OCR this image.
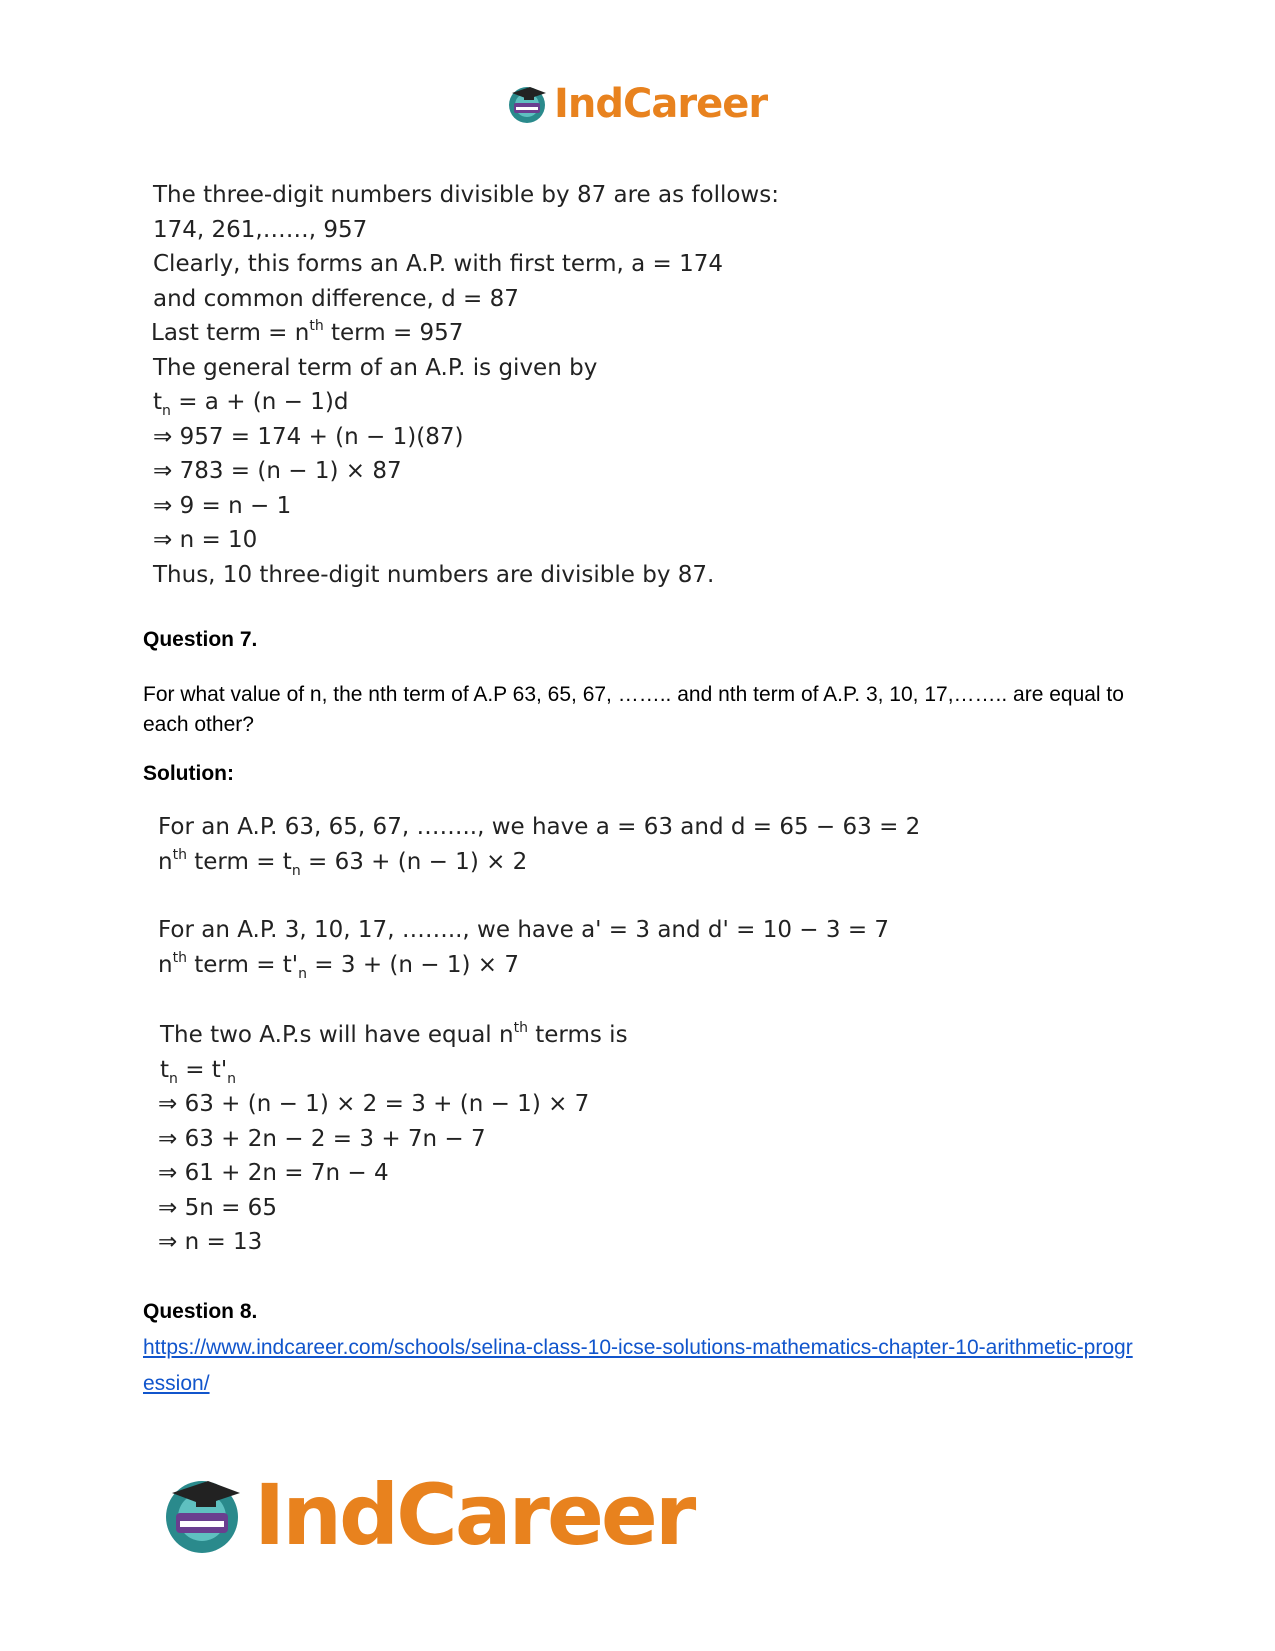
IndCareer
The three-digit numbers divisible by 87 are as follows:
174, 261,……, 957
Clearly, this forms an A.P. with first term, a = 174
and common difference, d = 87
Last term = $n^{th}$ term = 957
The general term of an A.P. is given by
$t_n = a + (n - 1)d$
⇒ 957 = 174 + (n − 1)(87)
⇒ 783 = (n − 1) × 87
⇒ 9 = n − 1
⇒ n = 10
Thus, 10 three-digit numbers are divisible by 87.
Question 7.
For what value of n, the nth term of A.P 63, 65, 67, …….. and nth term of A.P. 3, 10, 17,…….. are equal to each other?
Solution:
For an A.P. 63, 65, 67, …….., we have a = 63 and d = 65 − 63 = 2
$n^{th}$ term = $t_n = 63 + (n - 1) \times 2$
For an A.P. 3, 10, 17, …….., we have a' = 3 and d' = 10 − 3 = 7
$n^{th}$ term = $t'_n = 3 + (n - 1) \times 7$
The two A.P.s will have equal $n^{th}$ terms is
$t_n = t'_n$
⇒ 63 + (n − 1) × 2 = 3 + (n − 1) × 7
⇒ 63 + 2n − 2 = 3 + 7n − 7
⇒ 61 + 2n = 7n − 4
⇒ 5n = 65
⇒ n = 13
Question 8.
https://www.indcareer.com/schools/selina-class-10-icse-solutions-mathematics-chapter-10-arithmetic-progression/
IndCareer
